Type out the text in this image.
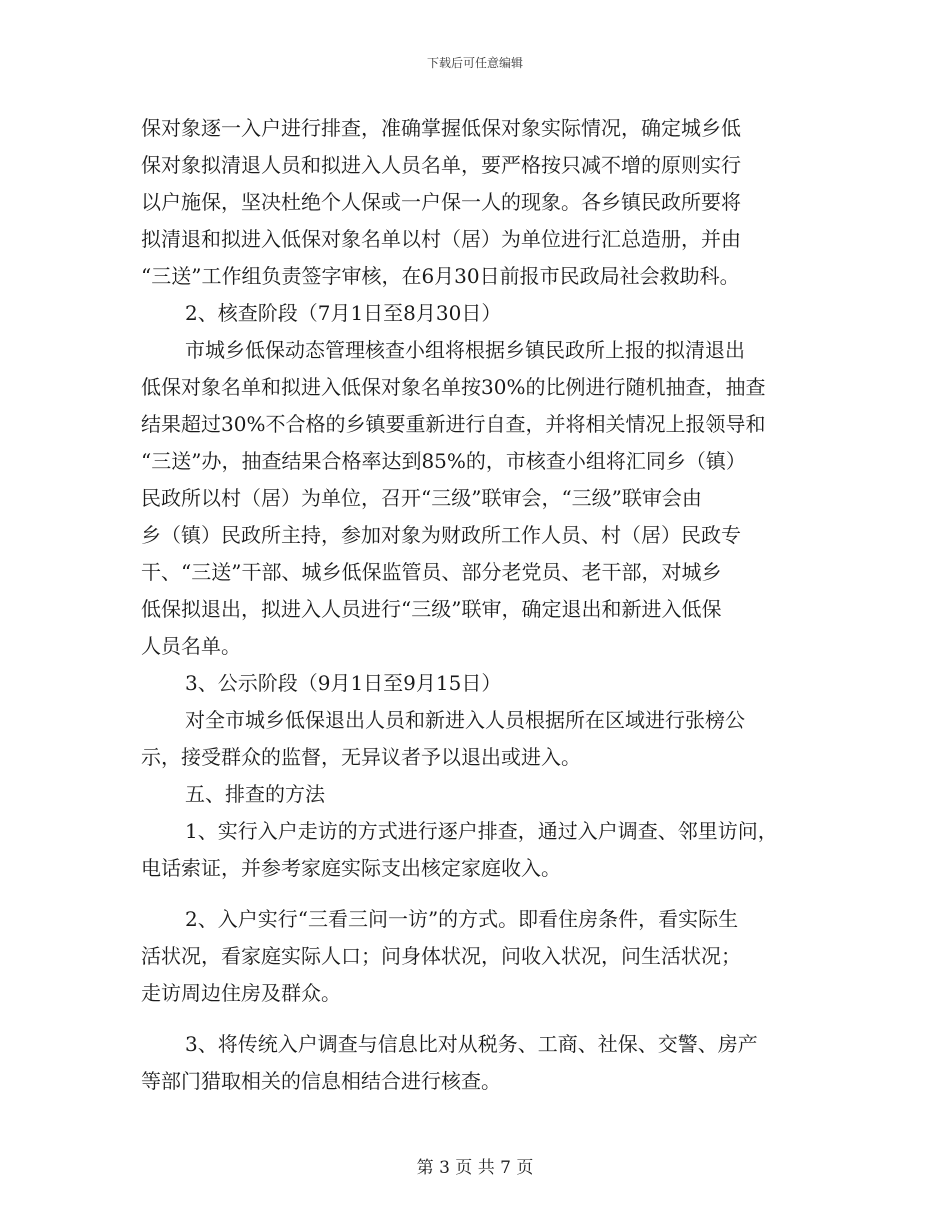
下载后可任意编辑
保对象逐一入户进行排查，准确掌握低保对象实际情况，确定城乡低
保对象拟清退人员和拟进入人员名单，要严格按只减不增的原则实行
以户施保，坚决杜绝个人保或一户保一人的现象。各乡镇民政所要将
拟清退和拟进入低保对象名单以村（居）为单位进行汇总造册，并由
“三送”工作组负责签字审核，在6月30日前报市民政局社会救助科。
2、核查阶段（7月1日至8月30日）
市城乡低保动态管理核查小组将根据乡镇民政所上报的拟清退出
低保对象名单和拟进入低保对象名单按30%的比例进行随机抽查，抽查
结果超过30%不合格的乡镇要重新进行自查，并将相关情况上报领导和
“三送”办，抽查结果合格率达到85%的，市核查小组将汇同乡（镇）
民政所以村（居）为单位，召开“三级”联审会，“三级”联审会由
乡（镇）民政所主持，参加对象为财政所工作人员、村（居）民政专
干、“三送”干部、城乡低保监管员、部分老党员、老干部，对城乡
低保拟退出，拟进入人员进行“三级”联审，确定退出和新进入低保
人员名单。
3、公示阶段（9月1日至9月15日）
对全市城乡低保退出人员和新进入人员根据所在区域进行张榜公
示，接受群众的监督，无异议者予以退出或进入。
五、排查的方法
1、实行入户走访的方式进行逐户排查，通过入户调查、邻里访问，
电话索证，并参考家庭实际支出核定家庭收入。
2、入户实行“三看三问一访”的方式。即看住房条件，看实际生
活状况，看家庭实际人口；问身体状况，问收入状况，问生活状况；
走访周边住房及群众。
3、将传统入户调查与信息比对从税务、工商、社保、交警、房产
等部门猎取相关的信息相结合进行核查。
第 3 页 共 7 页
